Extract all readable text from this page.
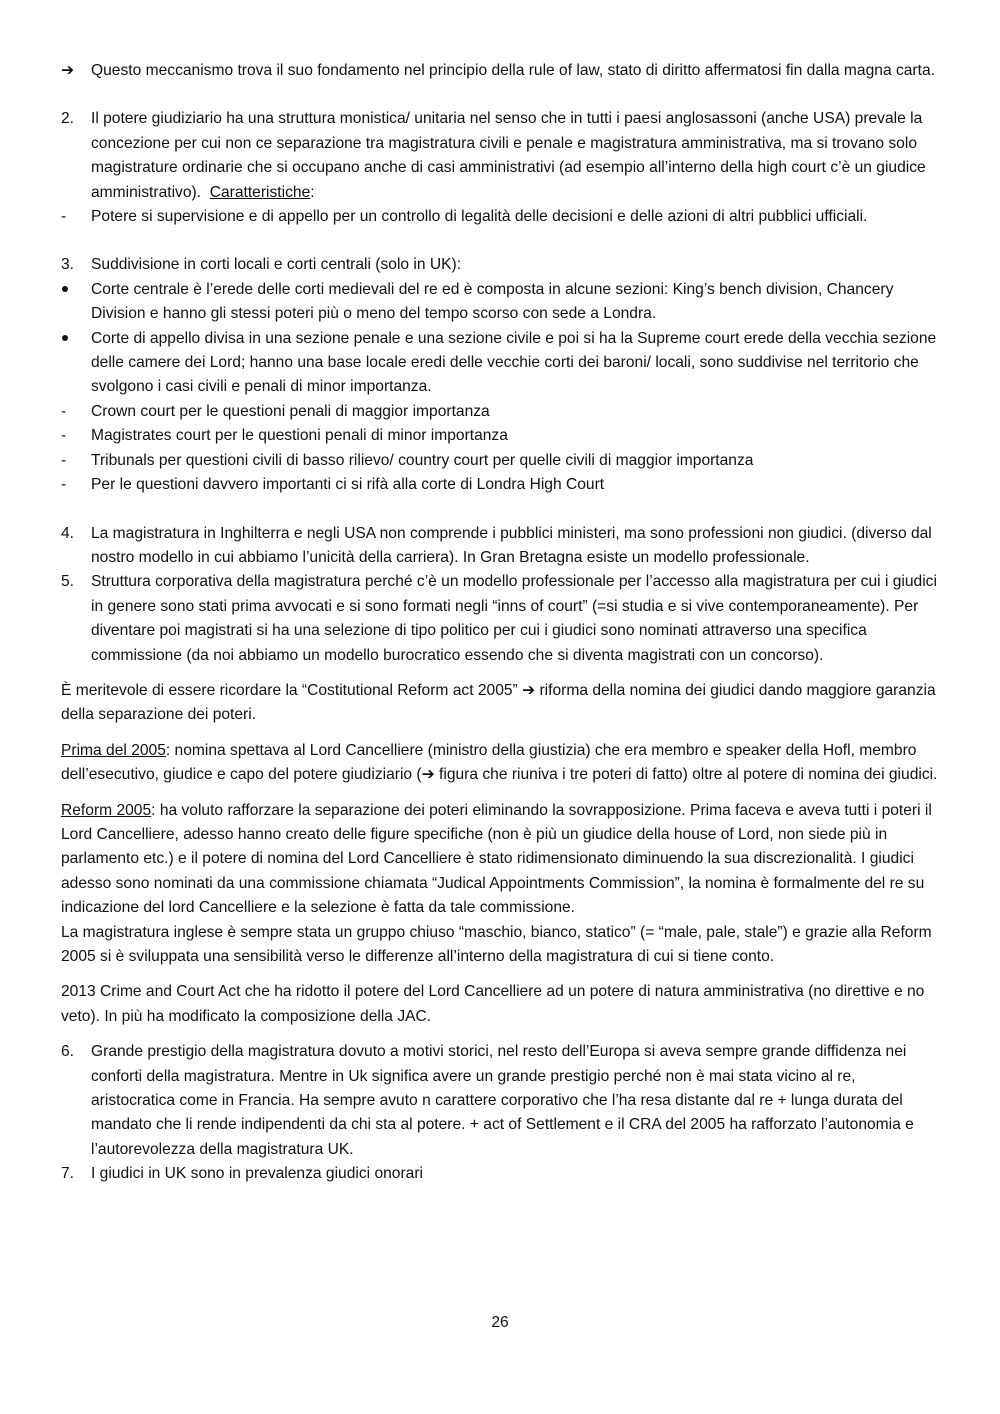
➔	Questo meccanismo trova il suo fondamento nel principio della rule of law, stato di diritto affermatosi fin dalla magna carta.
2.	Il potere giudiziario ha una struttura monistica/ unitaria nel senso che in tutti i paesi anglosassoni (anche USA) prevale la concezione per cui non ce separazione tra magistratura civili e penale e magistratura amministrativa, ma si trovano solo magistrature ordinarie che si occupano anche di casi amministrativi (ad esempio all’interno della high court c’è un giudice amministrativo). Caratteristiche:
-	Potere si supervisione e di appello per un controllo di legalità delle decisioni e delle azioni di altri pubblici ufficiali.
3.	Suddivisione in corti locali e corti centrali (solo in UK):
Corte centrale è l’erede delle corti medievali del re ed è composta in alcune sezioni: King’s bench division, Chancery Division e hanno gli stessi poteri più o meno del tempo scorso con sede a Londra.
Corte di appello divisa in una sezione penale e una sezione civile e poi si ha la Supreme court erede della vecchia sezione delle camere dei Lord; hanno una base locale eredi delle vecchie corti dei baroni/ locali, sono suddivise nel territorio che svolgono i casi civili e penali di minor importanza.
-	Crown court per le questioni penali di maggior importanza
-	Magistrates court per le questioni penali di minor importanza
-	Tribunals per questioni civili di basso rilievo/ country court per quelle civili di maggior importanza
-	Per le questioni davvero importanti ci si rifà alla corte di Londra High Court
4.	La magistratura in Inghilterra e negli USA non comprende i pubblici ministeri, ma sono professioni non giudici. (diverso dal nostro modello in cui abbiamo l’unicità della carriera). In Gran Bretagna esiste un modello professionale.
5.	Struttura corporativa della magistratura perché c’è un modello professionale per l’accesso alla magistratura per cui i giudici in genere sono stati prima avvocati e si sono formati negli “inns of court” (=si studia e si vive contemporaneamente). Per diventare poi magistrati si ha una selezione di tipo politico per cui i giudici sono nominati attraverso una specifica commissione (da noi abbiamo un modello burocratico essendo che si diventa magistrati con un concorso).

È meritevole di essere ricordare la “Costitutional Reform act 2005” ➔ riforma della nomina dei giudici dando maggiore garanzia della separazione dei poteri.

Prima del 2005: nomina spettava al Lord Cancelliere (ministro della giustizia) che era membro e speaker della Hofl, membro dell’esecutivo, giudice e capo del potere giudiziario (➔ figura che riuniva i tre poteri di fatto) oltre al potere di nomina dei giudici.

Reform 2005: ha voluto rafforzare la separazione dei poteri eliminando la sovrapposizione. Prima faceva e aveva tutti i poteri il Lord Cancelliere, adesso hanno creato delle figure specifiche (non è più un giudice della house of Lord, non siede più in parlamento etc.) e il potere di nomina del Lord Cancelliere è stato ridimensionato diminuendo la sua discrezionalità. I giudici adesso sono nominati da una commissione chiamata “Judical Appointments Commission”, la nomina è formalmente del re su indicazione del lord Cancelliere e la selezione è fatta da tale commissione.

La magistratura inglese è sempre stata un gruppo chiuso “maschio, bianco, statico” (= “male, pale, stale”) e grazie alla Reform 2005 si è sviluppata una sensibilità verso le differenze all’interno della magistratura di cui si tiene conto.

2013 Crime and Court Act che ha ridotto il potere del Lord Cancelliere ad un potere di natura amministrativa (no direttive e no veto). In più ha modificato la composizione della JAC.

6.	Grande prestigio della magistratura dovuto a motivi storici, nel resto dell’Europa si aveva sempre grande diffidenza nei conforti della magistratura. Mentre in Uk significa avere un grande prestigio perché non è mai stata vicino al re, aristocratica come in Francia. Ha sempre avuto n carattere corporativo che l’ha resa distante dal re + lunga durata del mandato che li rende indipendenti da chi sta al potere. + act of Settlement e il CRA del 2005 ha rafforzato l’autonomia e l’autorevolezza della magistratura UK.
7.	I giudici in UK sono in prevalenza giudici onorari
26
